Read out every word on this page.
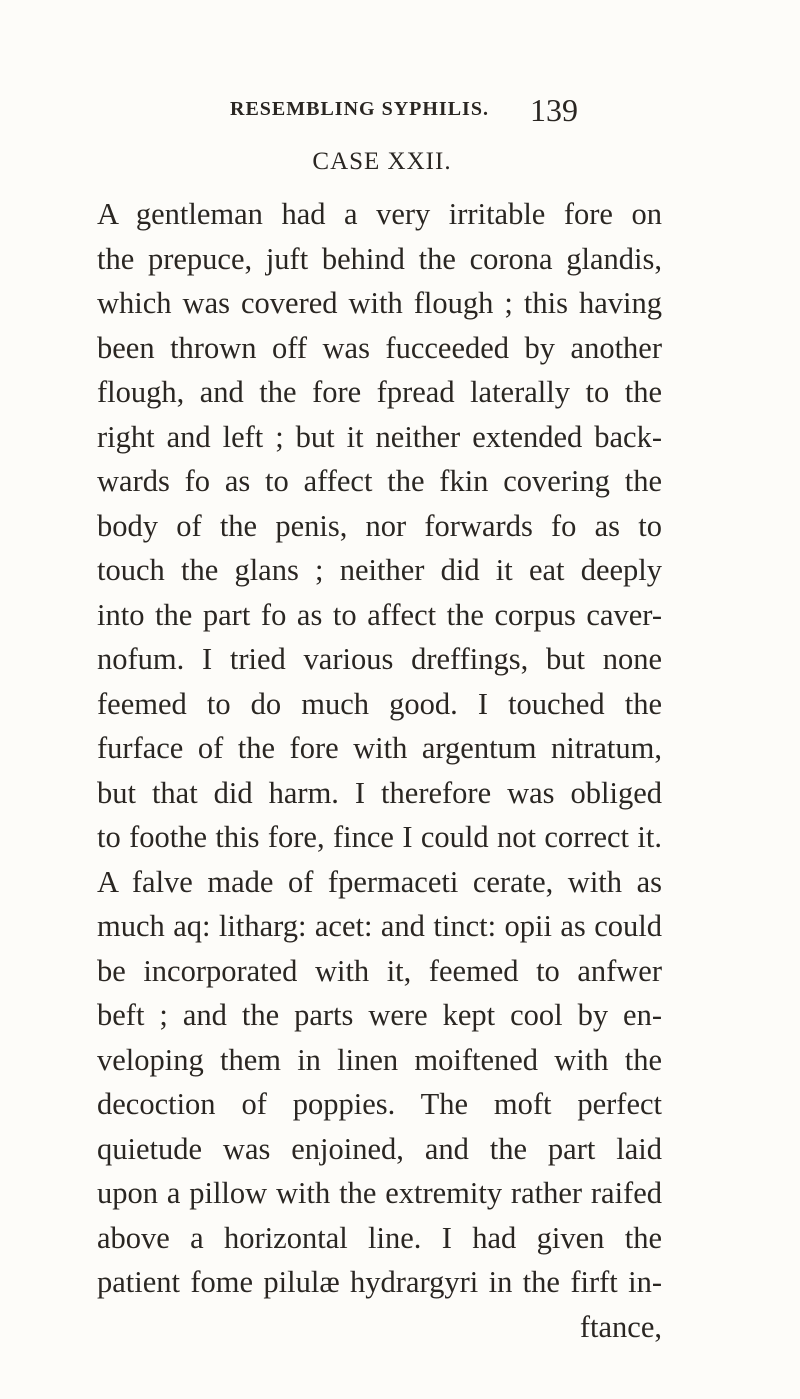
RESEMBLING SYPHILIS. 139
CASE XXII.
A gentleman had a very irritable fore on
the prepuce, juft behind the corona glandis,
which was covered with flough ; this having
been thrown off was fucceeded by another
flough, and the fore fpread laterally to the
right and left ; but it neither extended back-
wards fo as to affect the fkin covering the
body of the penis, nor forwards fo as to
touch the glans ; neither did it eat deeply
into the part fo as to affect the corpus caver-
nofum. I tried various dreffings, but none
feemed to do much good. I touched the
furface of the fore with argentum nitratum,
but that did harm. I therefore was obliged
to foothe this fore, fince I could not correct it.
A falve made of fpermaceti cerate, with as
much aq: litharg: acet: and tinct: opii as could
be incorporated with it, feemed to anfwer
beft ; and the parts were kept cool by en-
veloping them in linen moiftened with the
decoction of poppies. The moft perfect
quietude was enjoined, and the part laid
upon a pillow with the extremity rather raifed
above a horizontal line. I had given the
patient fome pilulæ hydrargyri in the firft in-
ftance,
